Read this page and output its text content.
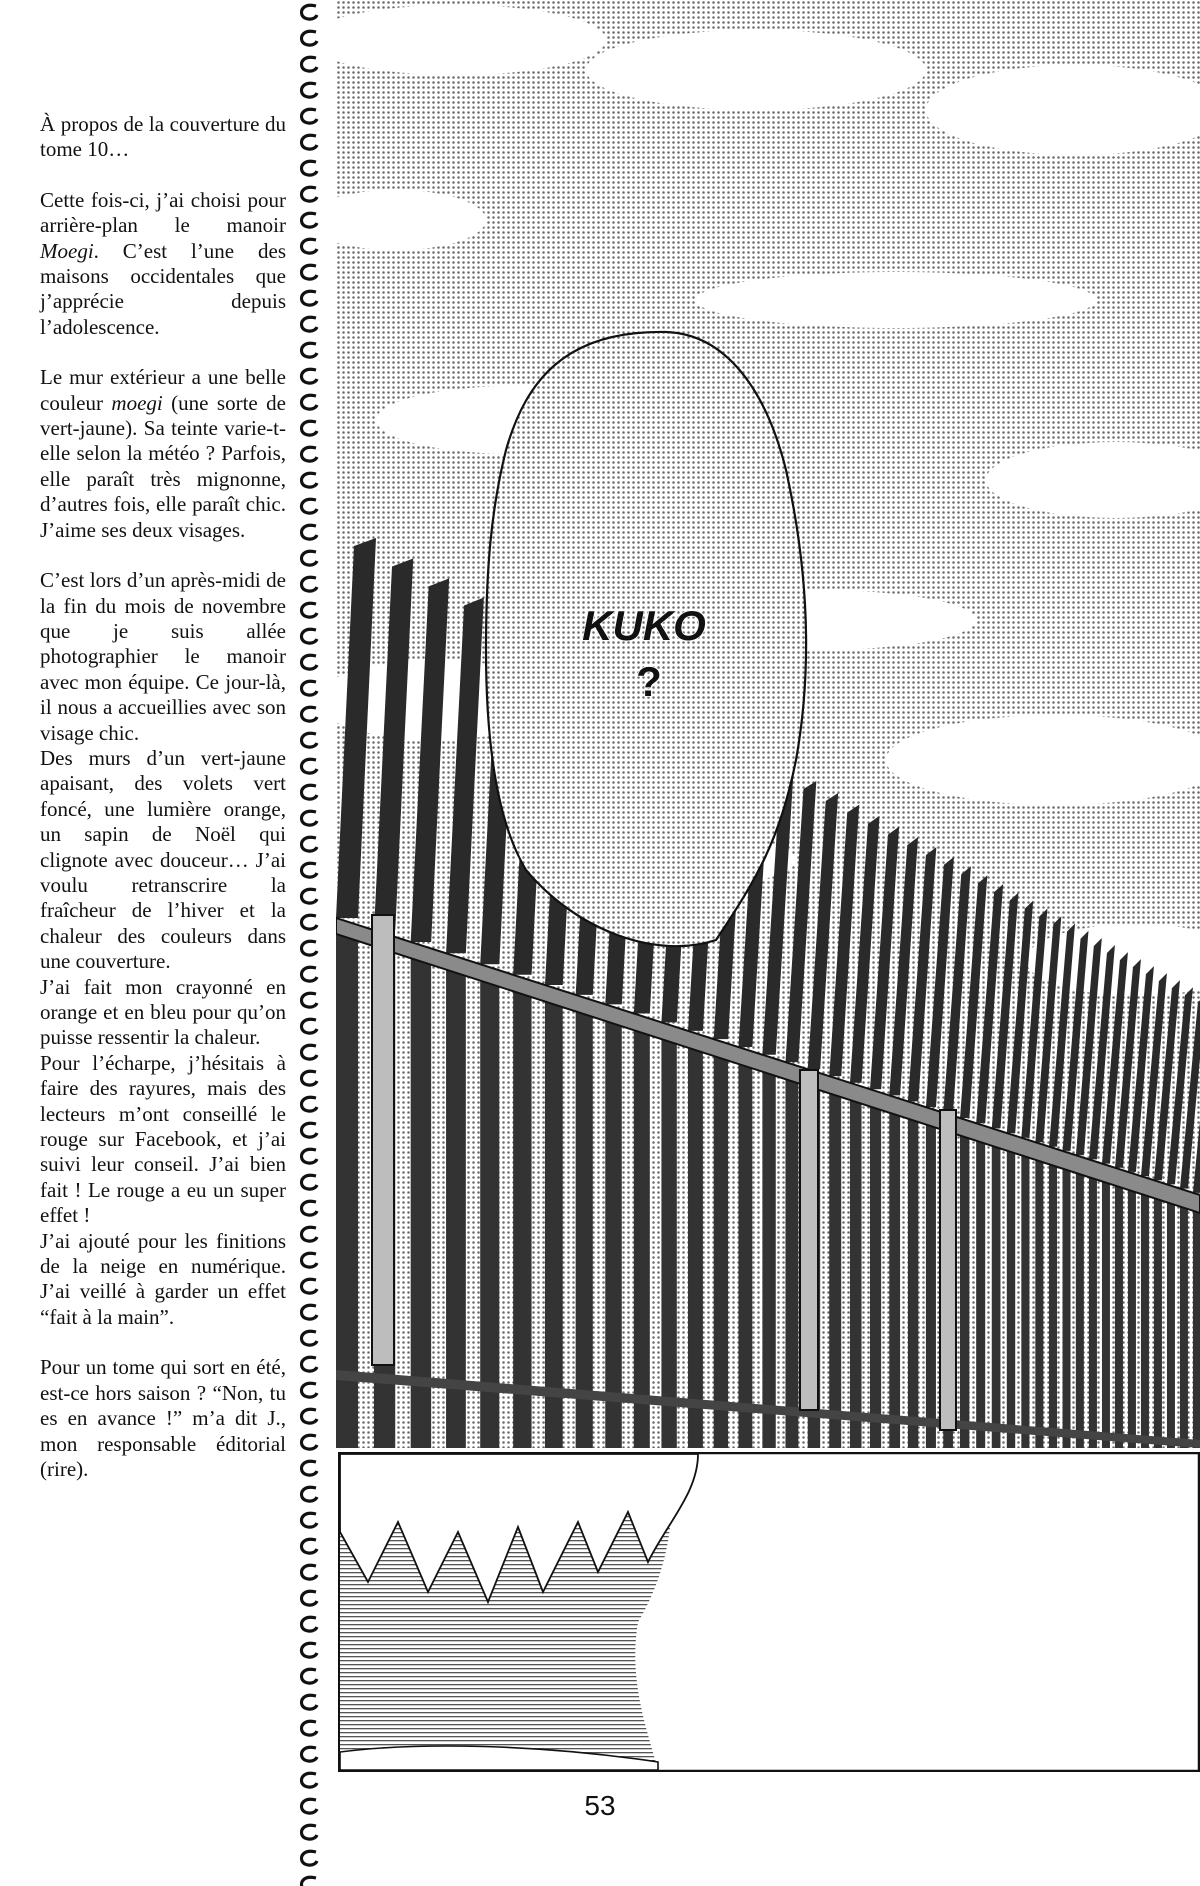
À propos de la couverture du tome 10…

Cette fois-ci, j’ai choisi pour arrière-plan le manoir Moegi. C’est l’une des maisons occidentales que j’apprécie depuis l’adolescence.

Le mur extérieur a une belle couleur moegi (une sorte de vert-jaune). Sa teinte varie-t-elle selon la météo ? Parfois, elle paraît très mignonne, d’autres fois, elle paraît chic. J’aime ses deux visages.

C’est lors d’un après-midi de la fin du mois de novembre que je suis allée photographier le manoir avec mon équipe. Ce jour-là, il nous a accueillies avec son visage chic.

Des murs d’un vert-jaune apaisant, des volets vert foncé, une lumière orange, un sapin de Noël qui clignote avec douceur… J’ai voulu retranscrire la fraîcheur de l’hiver et la chaleur des couleurs dans une couverture.

J’ai fait mon crayonné en orange et en bleu pour qu’on puisse ressentir la chaleur.

Pour l’écharpe, j’hésitais à faire des rayures, mais des lecteurs m’ont conseillé le rouge sur Facebook, et j’ai suivi leur conseil. J’ai bien fait ! Le rouge a eu un super effet !

J’ai ajouté pour les finitions de la neige en numérique. J’ai veillé à garder un effet “fait à la main”.

Pour un tome qui sort en été, est-ce hors saison ? “Non, tu es en avance !” m’a dit J., mon responsable éditorial (rire).

KUKO
?
53
